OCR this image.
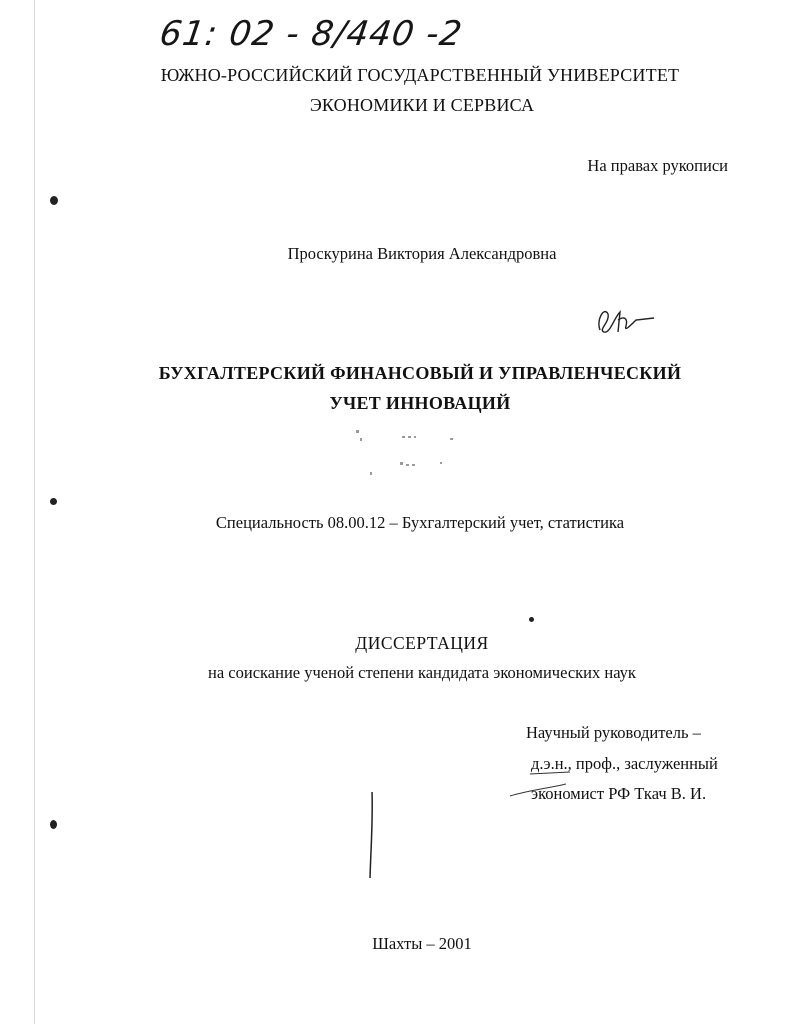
61: 02 - 8/440 -2
ЮЖНО-РОССИЙСКИЙ ГОСУДАРСТВЕННЫЙ УНИВЕРСИТЕТ
ЭКОНОМИКИ И СЕРВИСА
На правах рукописи
Проскурина Виктория Александровна
БУХГАЛТЕРСКИЙ ФИНАНСОВЫЙ И УПРАВЛЕНЧЕСКИЙ
УЧЕТ ИННОВАЦИЙ
Специальность 08.00.12 – Бухгалтерский учет, статистика
ДИССЕРТАЦИЯ
на соискание ученой степени кандидата экономических наук
Научный руководитель –
д.э.н., проф., заслуженный
экономист РФ Ткач В. И.
Шахты – 2001
